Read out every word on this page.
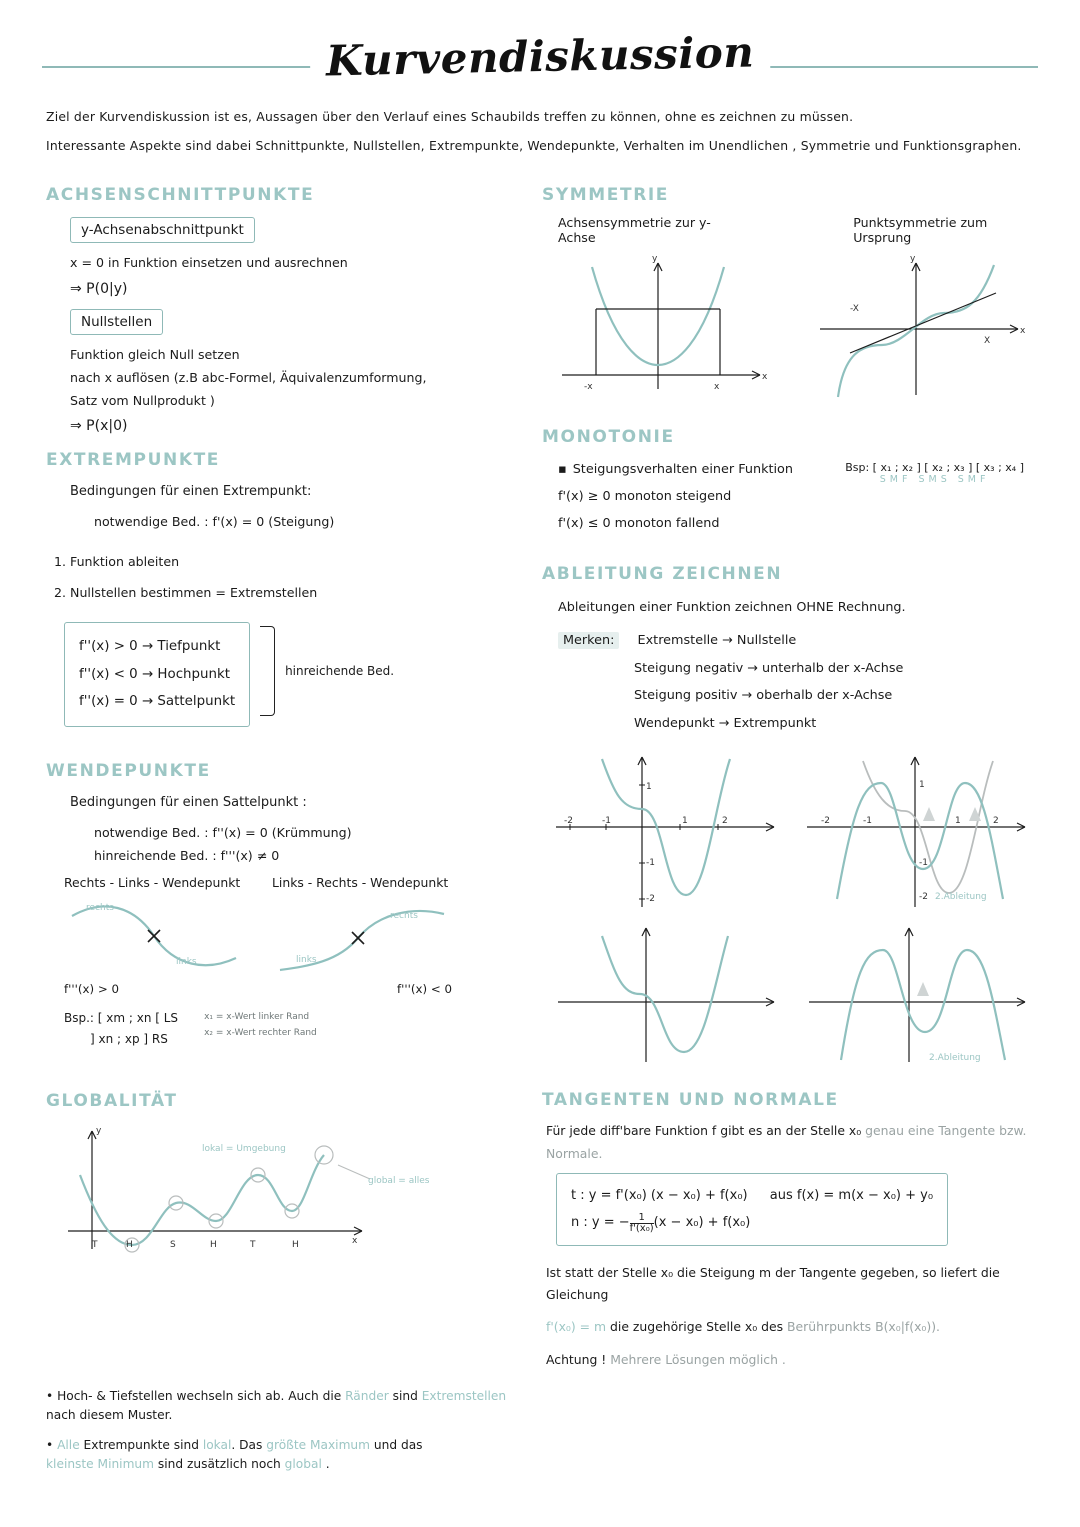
Kurvendiskussion

Ziel der Kurvendiskussion ist es, Aussagen über den Verlauf eines Schaubilds treffen zu können, ohne es zeichnen zu müssen.

Interessante Aspekte sind dabei Schnittpunkte, Nullstellen, Extrempunkte, Wendepunkte, Verhalten im Unendlichen , Symmetrie und Funktionsgraphen.

ACHSENSCHNITTPUNKTE
y-Achsenabschnittpunkt
x = 0 in Funktion einsetzen und ausrechnen
⇒ P(0|y)
Nullstellen
Funktion gleich Null setzen
nach x auflösen (z.B abc-Formel, Äquivalenzumformung,
Satz vom Nullprodukt )
⇒ P(x|0)
EXTREMPUNKTE
Bedingungen für einen Extrempunkt:
notwendige Bed. : f'(x) = 0 (Steigung)
1. Funktion ableiten
2. Nullstellen bestimmen = Extremstellen
f''(x) > 0 → Tiefpunkt
f''(x) < 0 → Hochpunkt
f''(x) = 0 → Sattelpunkt
hinreichende Bed.
WENDEPUNKTE
Bedingungen für einen Sattelpunkt :
notwendige Bed. : f''(x) = 0 (Krümmung)
hinreichende Bed. : f'''(x) ≠ 0
Rechts - Links - Wendepunkt
rechts
links
f'''(x) > 0
Links - Rechts - Wendepunkt
rechts
links
f'''(x) < 0
Bsp.: [ xm ; xn [ LS
] xn ; xp ] RS
x₁ = x-Wert linker Rand
x₂ = x-Wert rechter Rand
GLOBALITÄT
y
x
lokal = Umgebung
global = alles
T	H	S	H	T	H
SYMMETRIE
Achsensymmetrie zur y-Achse
Punktsymmetrie zum Ursprung
y
x
-x	x
y
x
-X
X
MONOTONIE
▪ Steigungsverhalten einer Funktion
f'(x) ≥ 0 monoton steigend
f'(x) ≤ 0 monoton fallend
Bsp: [ x₁ ; x₂ ] [ x₂ ; x₃ ] [ x₃ ; x₄ ]
SMF SMS SMF
ABLEITUNG ZEICHNEN
Ableitungen einer Funktion zeichnen OHNE Rechnung.
Merken: Extremstelle → Nullstelle
Steigung negativ → unterhalb der x-Achse
Steigung positiv → oberhalb der x-Achse
Wendepunkt → Extrempunkt
-2	-1	1	2
1
-1
-2
-2	-1	1	2
1
-1
-2 2.Ableitung
2.Ableitung
TANGENTEN UND NORMALE
Für jede diff'bare Funktion f gibt es an der Stelle x₀ genau eine Tangente bzw. Normale.
t : y = f'(x₀) (x − x₀) + f(x₀) aus f(x) = m(x − x₀) + y₀
n : y = − $\frac{1}{\text{f'(x₀)}}(x - x_0) + f(x_0)$
Ist statt der Stelle x₀ die Steigung m der Tangente gegeben, so liefert die Gleichung
f'(x₀) = m die zugehörige Stelle x₀ des Berührpunkts B(x₀|f(x₀)).
Achtung ! Mehrere Lösungen möglich .

• Hoch- & Tiefstellen wechseln sich ab. Auch die Ränder sind Extremstellen
nach diesem Muster.

• Alle Extrempunkte sind lokal. Das größte Maximum und das
kleinste Minimum sind zusätzlich noch global .
